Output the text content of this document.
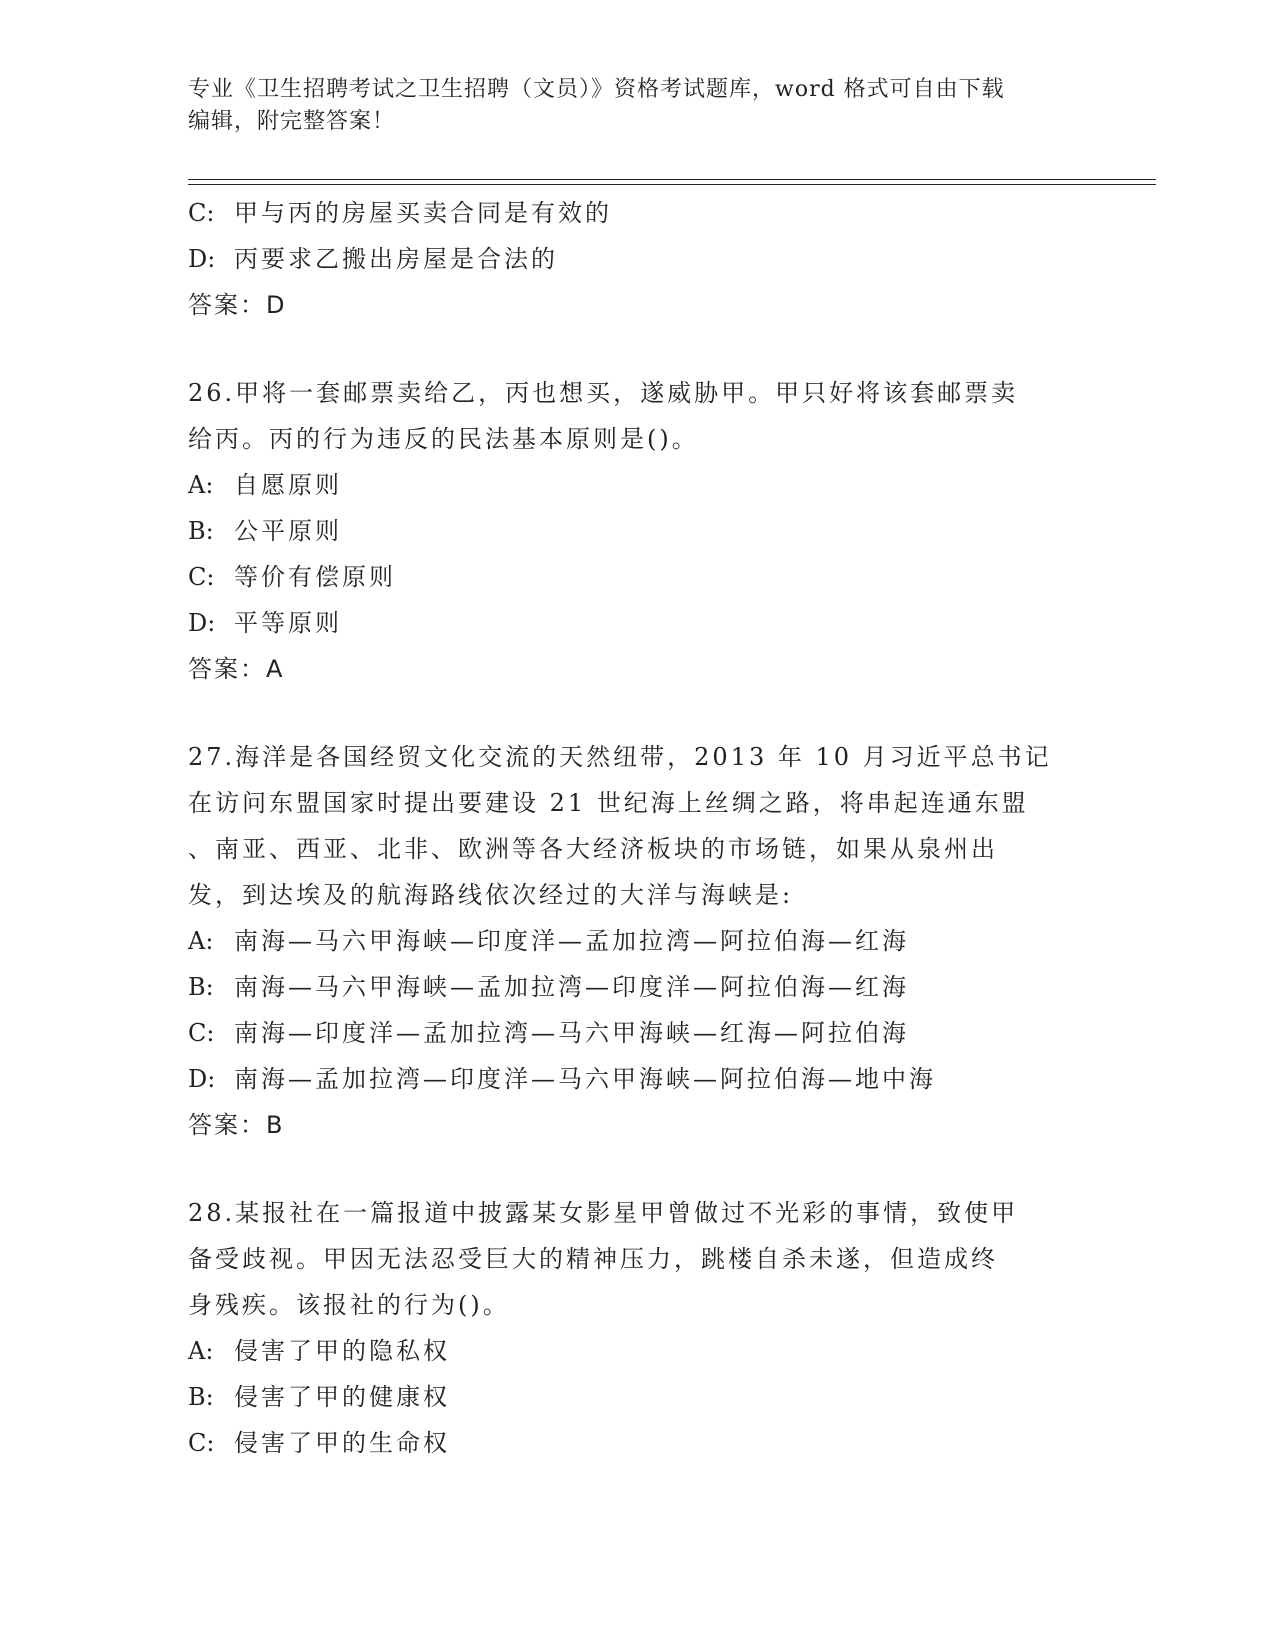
专业《卫生招聘考试之卫生招聘（文员）》资格考试题库，word 格式可自由下载
编辑，附完整答案！
C: 甲与丙的房屋买卖合同是有效的
D: 丙要求乙搬出房屋是合法的
答案：D
26.甲将一套邮票卖给乙，丙也想买，遂威胁甲。甲只好将该套邮票卖
给丙。丙的行为违反的民法基本原则是()。
A: 自愿原则
B: 公平原则
C: 等价有偿原则
D: 平等原则
答案：A
27.海洋是各国经贸文化交流的天然纽带，2013 年 10 月习近平总书记
在访问东盟国家时提出要建设 21 世纪海上丝绸之路，将串起连通东盟
、南亚、西亚、北非、欧洲等各大经济板块的市场链，如果从泉州出
发，到达埃及的航海路线依次经过的大洋与海峡是:
A: 南海—马六甲海峡—印度洋—孟加拉湾—阿拉伯海—红海
B: 南海—马六甲海峡—孟加拉湾—印度洋—阿拉伯海—红海
C: 南海—印度洋—孟加拉湾—马六甲海峡—红海—阿拉伯海
D: 南海—孟加拉湾—印度洋—马六甲海峡—阿拉伯海—地中海
答案：B
28.某报社在一篇报道中披露某女影星甲曾做过不光彩的事情，致使甲
备受歧视。甲因无法忍受巨大的精神压力，跳楼自杀未遂，但造成终
身残疾。该报社的行为()。
A: 侵害了甲的隐私权
B: 侵害了甲的健康权
C: 侵害了甲的生命权
